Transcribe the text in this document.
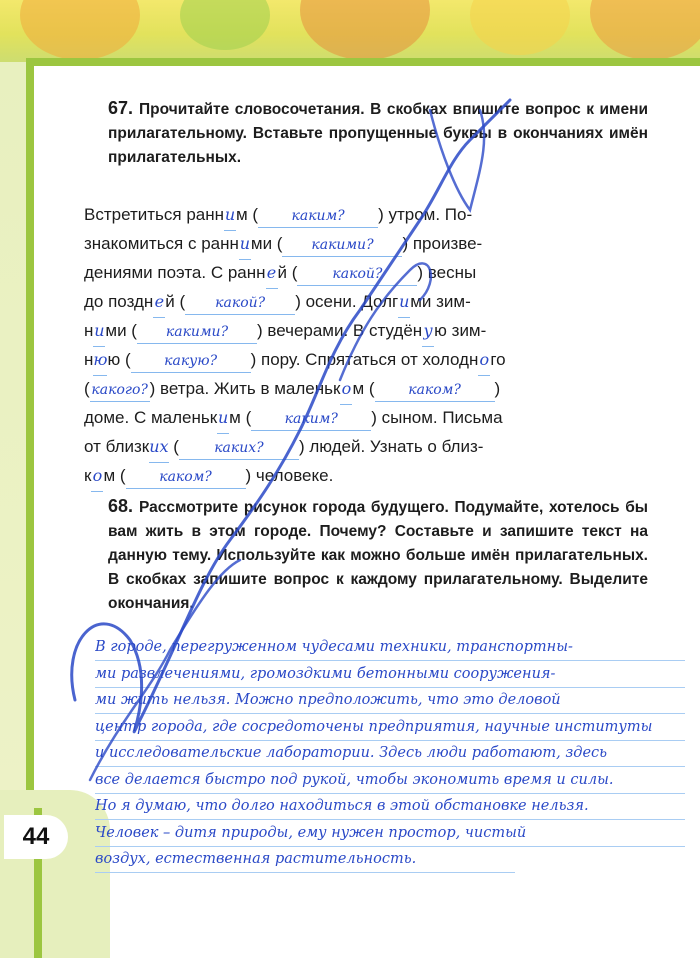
44
67. Прочитайте словосочетания. В скобках впишите вопрос к имени прилагательному. Вставьте пропущенные буквы в окончаниях имён прилагательных.
Встретиться ранним ( каким? ) утром. По-
знакомиться с ранними ( какими? ) произве-
дениями поэта. С ранней ( какой? ) весны
до поздней ( какой? ) осени. Долгими зим-
ними ( какими? ) вечерами. В студёную зим-
нюю ( какую? ) пору. Спрятаться от холодного
( какого? ) ветра. Жить в маленьком ( каком? )
доме. С маленьким ( каким? ) сыном. Письма
от близких (	каких? ) людей. Узнать о близ-
ком ( каком? ) человеке.
68. Рассмотрите рисунок города будущего. Подумайте, хотелось бы вам жить в этом городе. Почему? Составьте и запишите текст на данную тему. Используйте как можно больше имён прилагательных. В скобках запишите вопрос к каждому прилагательному. Выделите окончания.
В городе, перегруженном чудесами техники, транспортны-
ми развлечениями, громоздкими бетонными сооружения-
ми жить нельзя. Можно предположить, что это деловой
центр города, где сосредоточены предприятия, научные институты
и исследовательские лаборатории. Здесь люди работают, здесь
все делается быстро под рукой, чтобы экономить время и силы.
Но я думаю, что долго находиться в этой обстановке нельзя.
Человек – дитя природы, ему нужен простор, чистый
воздух, естественная растительность.
